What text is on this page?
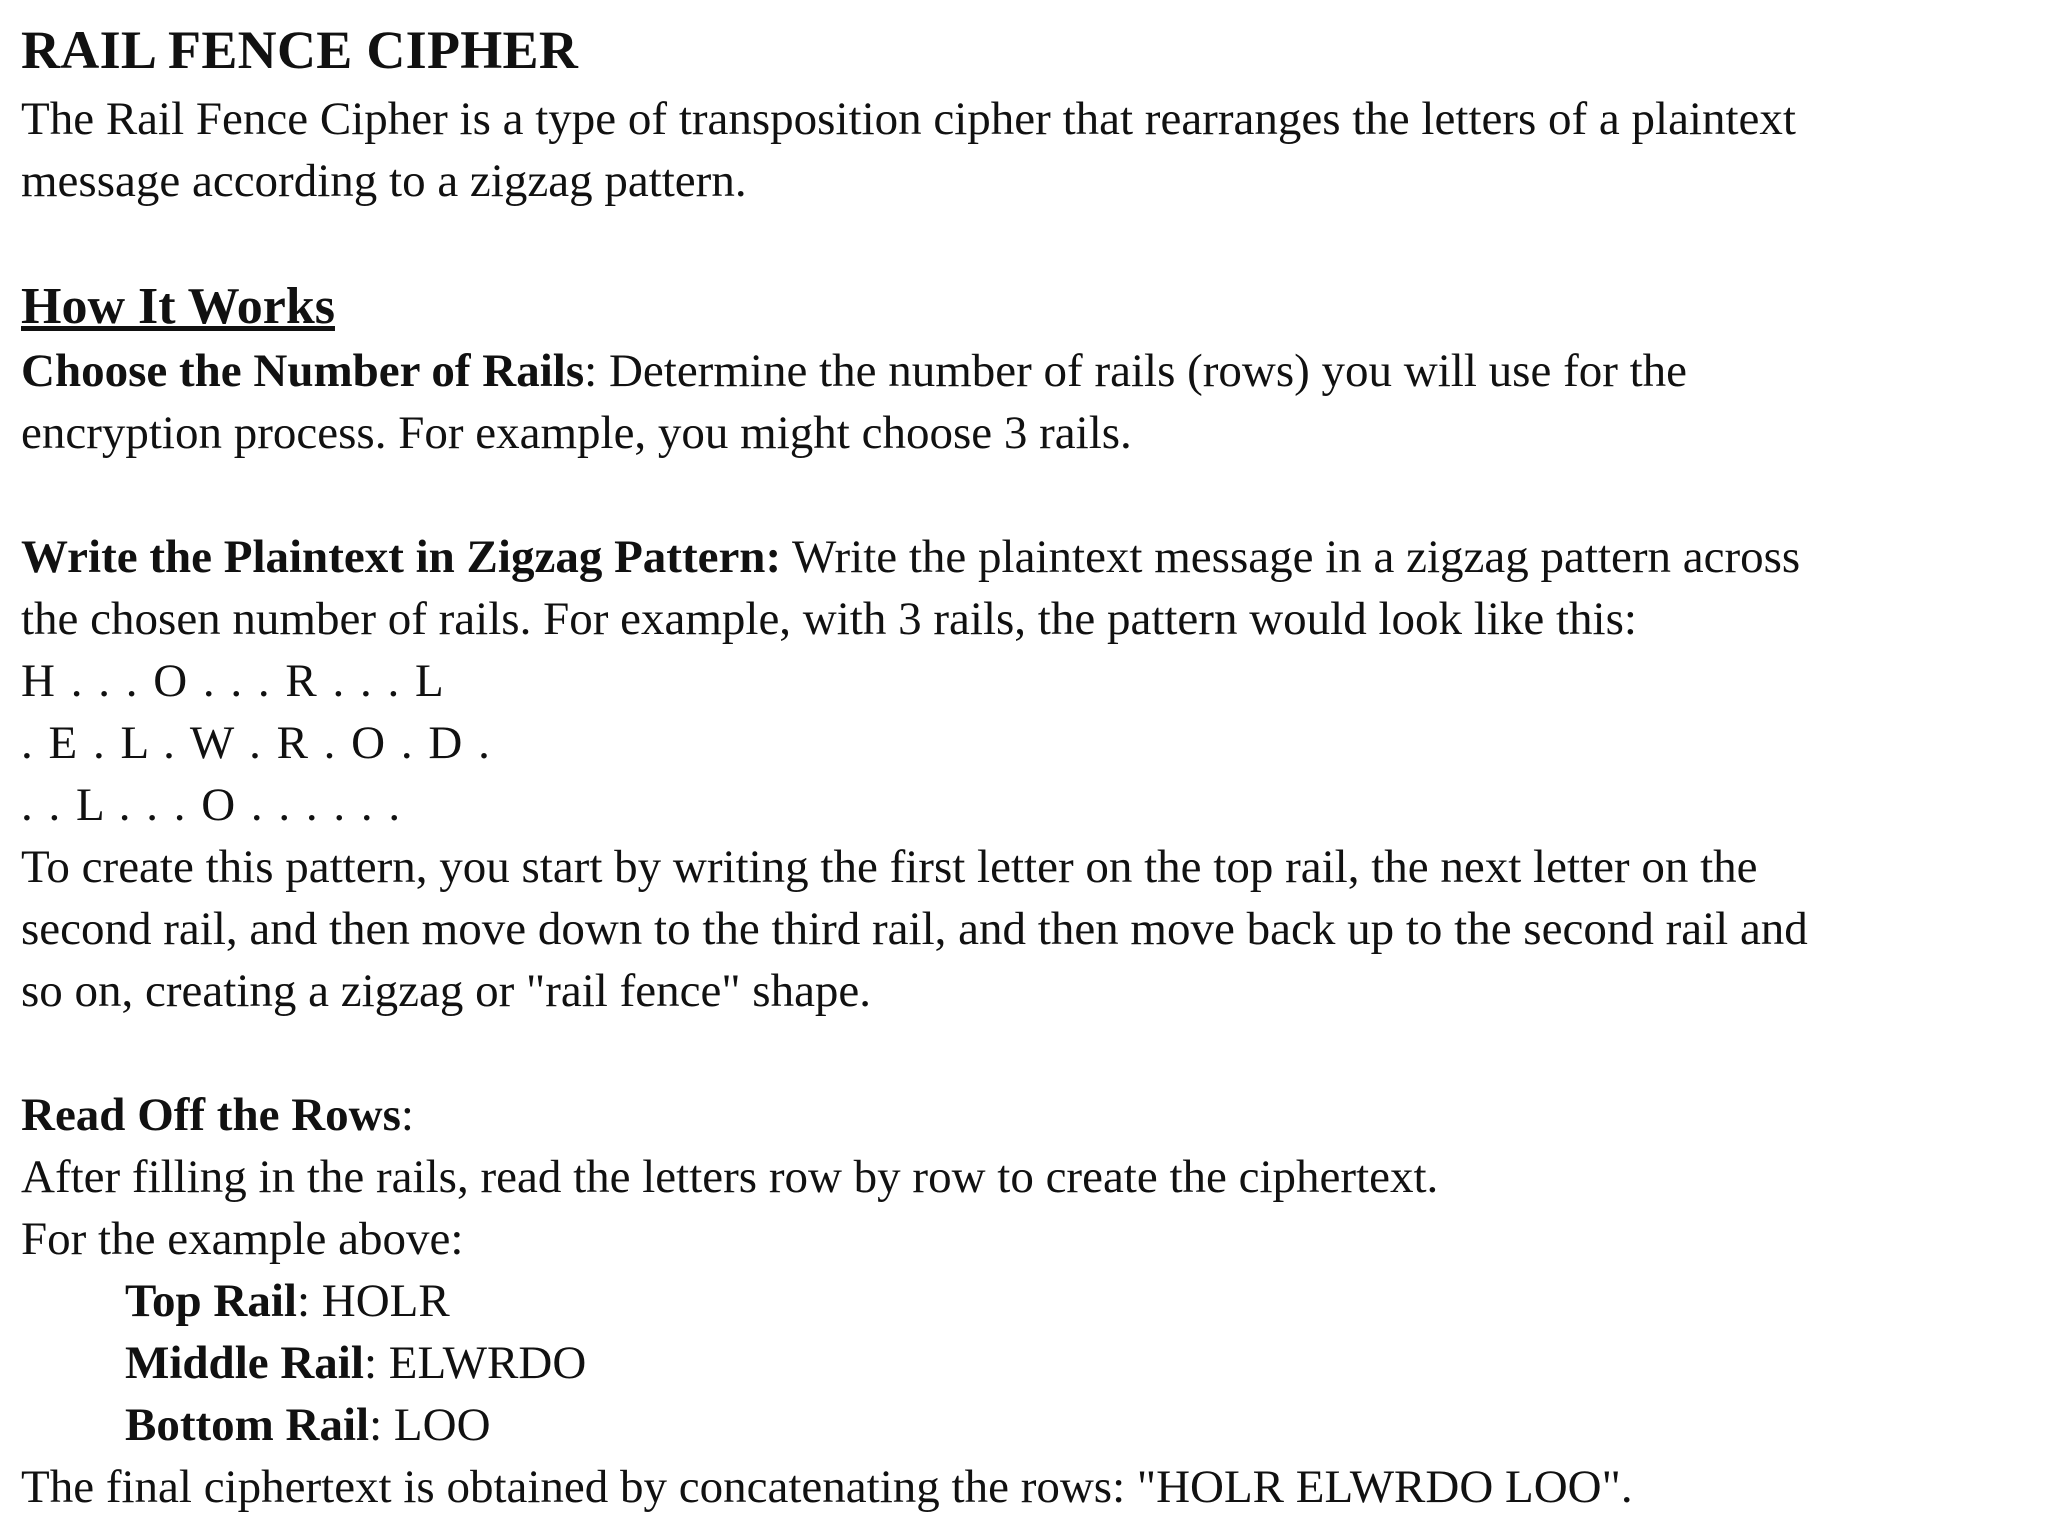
RAIL FENCE CIPHER
The Rail Fence Cipher is a type of transposition cipher that rearranges the letters of a plaintext
message according to a zigzag pattern.
How It Works
Choose the Number of Rails: Determine the number of rails (rows) you will use for the
encryption process. For example, you might choose 3 rails.
Write the Plaintext in Zigzag Pattern: Write the plaintext message in a zigzag pattern across
the chosen number of rails. For example, with 3 rails, the pattern would look like this:
H . . . O . . . R . . . L
. E . L . W . R . O . D .
. . L . . . O . . . . . .
To create this pattern, you start by writing the first letter on the top rail, the next letter on the
second rail, and then move down to the third rail, and then move back up to the second rail and
so on, creating a zigzag or "rail fence" shape.
Read Off the Rows:
After filling in the rails, read the letters row by row to create the ciphertext.
For the example above:
Top Rail: HOLR
Middle Rail: ELWRDO
Bottom Rail: LOO
The final ciphertext is obtained by concatenating the rows: "HOLR ELWRDO LOO".
